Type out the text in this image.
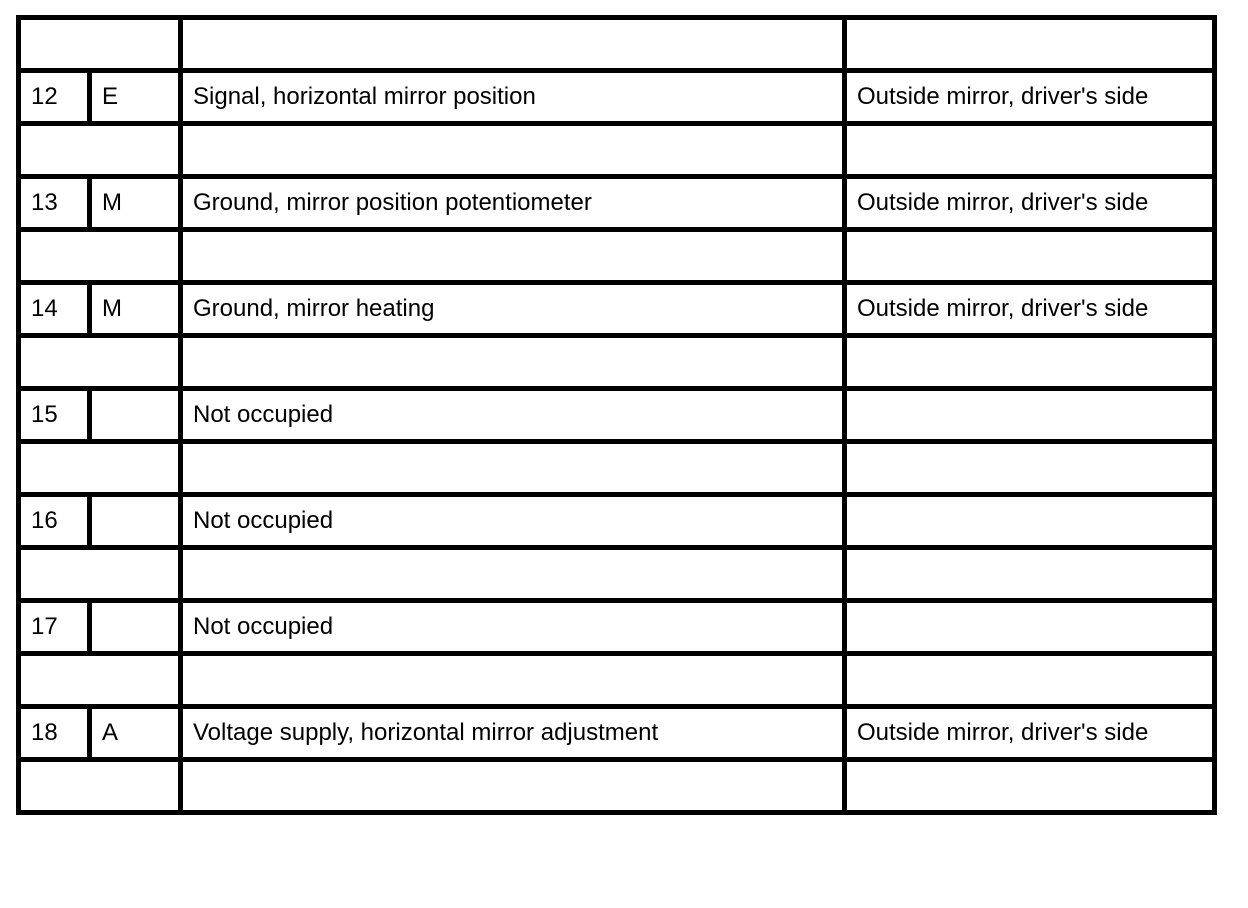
12	E	Signal, horizontal mirror position	Outside mirror, driver's side

13	M	Ground, mirror position potentiometer	Outside mirror, driver's side

14	M	Ground, mirror heating	Outside mirror, driver's side

15		Not occupied	

16		Not occupied	

17		Not occupied	

18	A	Voltage supply, horizontal mirror adjustment	Outside mirror, driver's side
